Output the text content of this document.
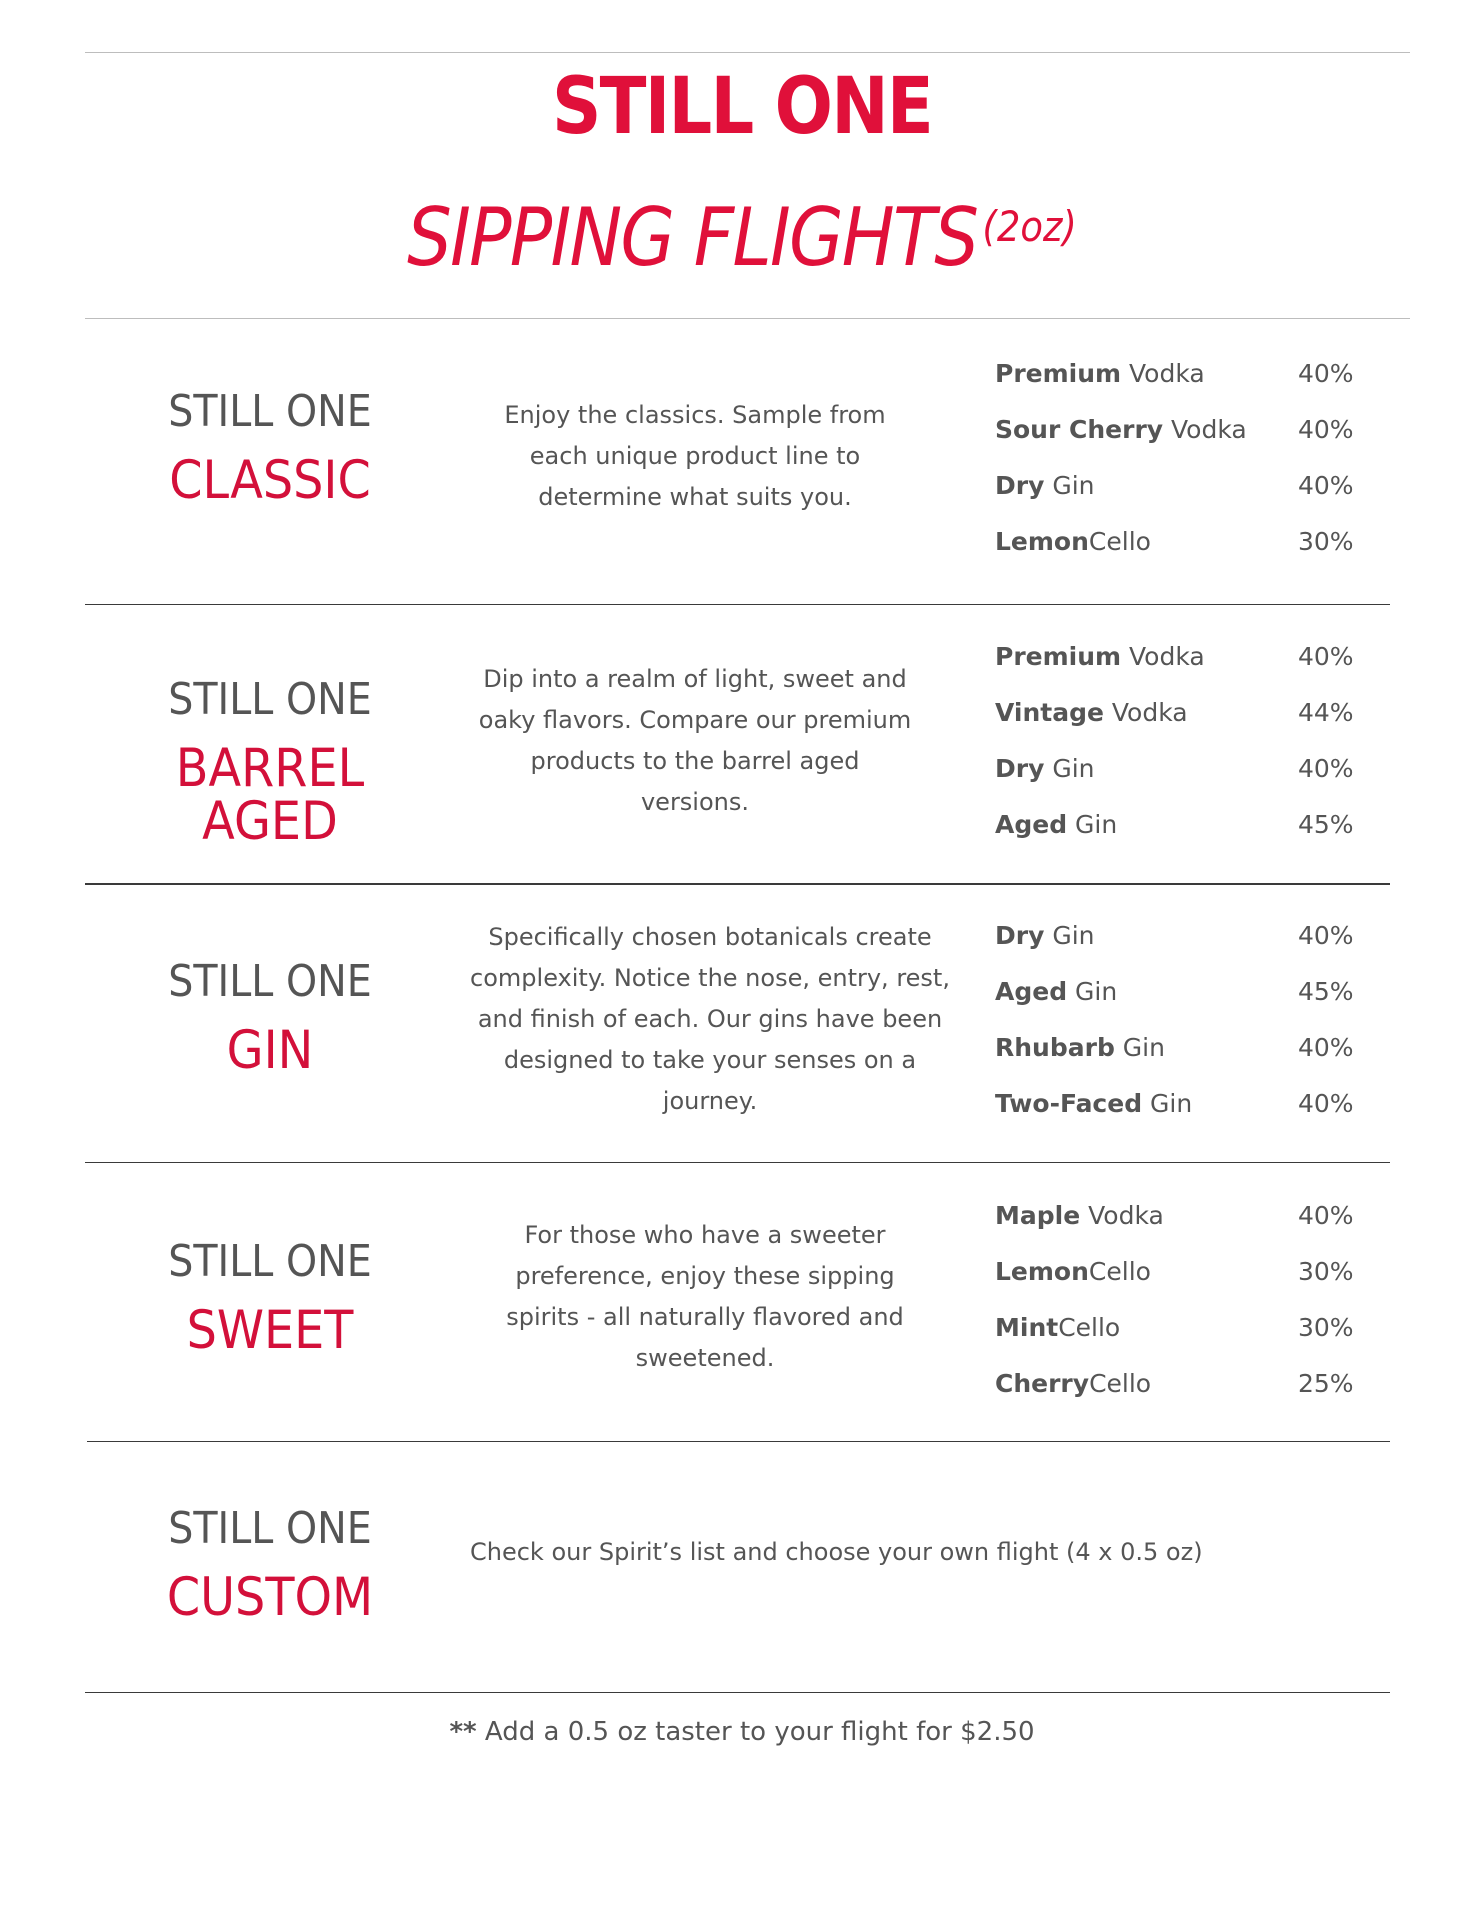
STILL ONE
SIPPING FLIGHTS $^{(2oz)}$
STILL ONE
CLASSIC
Enjoy the classics. Sample from each unique product line to determine what suits you.
Premium Vodka	40%
Sour Cherry Vodka 40%
Dry Gin	40%
LemonCello	30%
STILL ONE
BARREL AGED
Dip into a realm of light, sweet and oaky flavors. Compare our premium products to the barrel aged versions.
Premium Vodka	40%
Vintage Vodka	44%
Dry Gin	40%
Aged Gin	45%
STILL ONE
GIN
Specifically chosen botanicals create complexity. Notice the nose, entry, rest, and finish of each. Our gins have been designed to take your senses on a journey.
Dry Gin	40%
Aged Gin	45%
Rhubarb Gin	40%
Two-Faced Gin	40%
STILL ONE
SWEET
For those who have a sweeter preference, enjoy these sipping spirits - all naturally flavored and sweetened.
Maple Vodka	40%
LemonCello	30%
MintCello	30%
CherryCello	25%
STILL ONE
CUSTOM
Check our Spirit’s list and choose your own flight (4 x 0.5 oz)
** Add a 0.5 oz taster to your flight for $2.50
